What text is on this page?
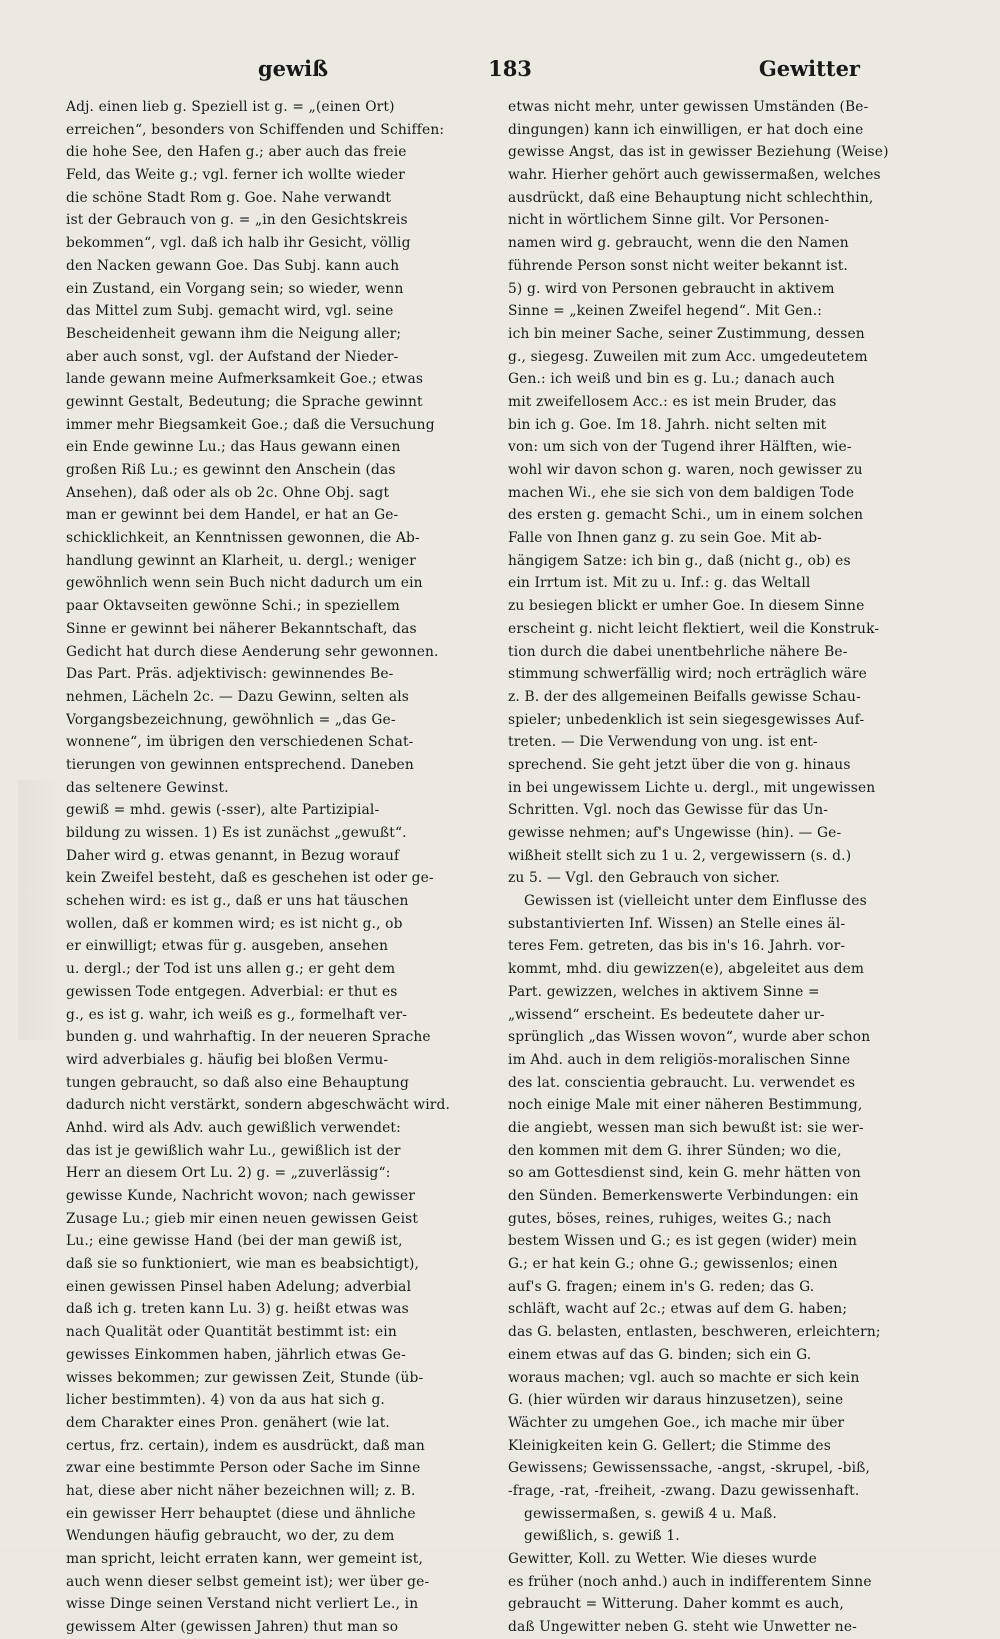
gewiß	183	Gewitter
Adj. einen lieb g. Speziell ist g. = „(einen Ort)
erreichen“, besonders von Schiffenden und Schiffen:
die hohe See, den Hafen g.; aber auch das freie
Feld, das Weite g.; vgl. ferner ich wollte wieder
die schöne Stadt Rom g. Goe. Nahe verwandt
ist der Gebrauch von g. = „in den Gesichtskreis
bekommen“, vgl. daß ich halb ihr Gesicht, völlig
den Nacken gewann Goe. Das Subj. kann auch
ein Zustand, ein Vorgang sein; so wieder, wenn
das Mittel zum Subj. gemacht wird, vgl. seine
Bescheidenheit gewann ihm die Neigung aller;
aber auch sonst, vgl. der Aufstand der Nieder-
lande gewann meine Aufmerksamkeit Goe.; etwas
gewinnt Gestalt, Bedeutung; die Sprache gewinnt
immer mehr Biegsamkeit Goe.; daß die Versuchung
ein Ende gewinne Lu.; das Haus gewann einen
großen Riß Lu.; es gewinnt den Anschein (das
Ansehen), daß oder als ob 2c. Ohne Obj. sagt
man er gewinnt bei dem Handel, er hat an Ge-
schicklichkeit, an Kenntnissen gewonnen, die Ab-
handlung gewinnt an Klarheit, u. dergl.; weniger
gewöhnlich wenn sein Buch nicht dadurch um ein
paar Oktavseiten gewönne Schi.; in speziellem
Sinne er gewinnt bei näherer Bekanntschaft, das
Gedicht hat durch diese Aenderung sehr gewonnen.
Das Part. Präs. adjektivisch: gewinnendes Be-
nehmen, Lächeln 2c. — Dazu Gewinn, selten als
Vorgangsbezeichnung, gewöhnlich = „das Ge-
wonnene“, im übrigen den verschiedenen Schat-
tierungen von gewinnen entsprechend. Daneben
das seltenere Gewinst.
gewiß = mhd. gewis (-sser), alte Partizipial-
bildung zu wissen. 1) Es ist zunächst „gewußt“.
Daher wird g. etwas genannt, in Bezug worauf
kein Zweifel besteht, daß es geschehen ist oder ge-
schehen wird: es ist g., daß er uns hat täuschen
wollen, daß er kommen wird; es ist nicht g., ob
er einwilligt; etwas für g. ausgeben, ansehen
u. dergl.; der Tod ist uns allen g.; er geht dem
gewissen Tode entgegen. Adverbial: er thut es
g., es ist g. wahr, ich weiß es g., formelhaft ver-
bunden g. und wahrhaftig. In der neueren Sprache
wird adverbiales g. häufig bei bloßen Vermu-
tungen gebraucht, so daß also eine Behauptung
dadurch nicht verstärkt, sondern abgeschwächt wird.
Anhd. wird als Adv. auch gewißlich verwendet:
das ist je gewißlich wahr Lu., gewißlich ist der
Herr an diesem Ort Lu. 2) g. = „zuverlässig“:
gewisse Kunde, Nachricht wovon; nach gewisser
Zusage Lu.; gieb mir einen neuen gewissen Geist
Lu.; eine gewisse Hand (bei der man gewiß ist,
daß sie so funktioniert, wie man es beabsichtigt),
einen gewissen Pinsel haben Adelung; adverbial
daß ich g. treten kann Lu. 3) g. heißt etwas was
nach Qualität oder Quantität bestimmt ist: ein
gewisses Einkommen haben, jährlich etwas Ge-
wisses bekommen; zur gewissen Zeit, Stunde (üb-
licher bestimmten). 4) von da aus hat sich g.
dem Charakter eines Pron. genähert (wie lat.
certus, frz. certain), indem es ausdrückt, daß man
zwar eine bestimmte Person oder Sache im Sinne
hat, diese aber nicht näher bezeichnen will; z. B.
ein gewisser Herr behauptet (diese und ähnliche
Wendungen häufig gebraucht, wo der, zu dem
man spricht, leicht erraten kann, wer gemeint ist,
auch wenn dieser selbst gemeint ist); wer über ge-
wisse Dinge seinen Verstand nicht verliert Le., in
gewissem Alter (gewissen Jahren) thut man so
etwas nicht mehr, unter gewissen Umständen (Be-
dingungen) kann ich einwilligen, er hat doch eine
gewisse Angst, das ist in gewisser Beziehung (Weise)
wahr. Hierher gehört auch gewissermaßen, welches
ausdrückt, daß eine Behauptung nicht schlechthin,
nicht in wörtlichem Sinne gilt. Vor Personen-
namen wird g. gebraucht, wenn die den Namen
führende Person sonst nicht weiter bekannt ist.
5) g. wird von Personen gebraucht in aktivem
Sinne = „keinen Zweifel hegend“. Mit Gen.:
ich bin meiner Sache, seiner Zustimmung, dessen
g., siegesg. Zuweilen mit zum Acc. umgedeutetem
Gen.: ich weiß und bin es g. Lu.; danach auch
mit zweifellosem Acc.: es ist mein Bruder, das
bin ich g. Goe. Im 18. Jahrh. nicht selten mit
von: um sich von der Tugend ihrer Hälften, wie-
wohl wir davon schon g. waren, noch gewisser zu
machen Wi., ehe sie sich von dem baldigen Tode
des ersten g. gemacht Schi., um in einem solchen
Falle von Ihnen ganz g. zu sein Goe. Mit ab-
hängigem Satze: ich bin g., daß (nicht g., ob) es
ein Irrtum ist. Mit zu u. Inf.: g. das Weltall
zu besiegen blickt er umher Goe. In diesem Sinne
erscheint g. nicht leicht flektiert, weil die Konstruk-
tion durch die dabei unentbehrliche nähere Be-
stimmung schwerfällig wird; noch erträglich wäre
z. B. der des allgemeinen Beifalls gewisse Schau-
spieler; unbedenklich ist sein siegesgewisses Auf-
treten. — Die Verwendung von ung. ist ent-
sprechend. Sie geht jetzt über die von g. hinaus
in bei ungewissem Lichte u. dergl., mit ungewissen
Schritten. Vgl. noch das Gewisse für das Un-
gewisse nehmen; auf's Ungewisse (hin). — Ge-
wißheit stellt sich zu 1 u. 2, vergewissern (s. d.)
zu 5. — Vgl. den Gebrauch von sicher.
Gewissen ist (vielleicht unter dem Einflusse des
substantivierten Inf. Wissen) an Stelle eines äl-
teres Fem. getreten, das bis in's 16. Jahrh. vor-
kommt, mhd. diu gewizzen(e), abgeleitet aus dem
Part. gewizzen, welches in aktivem Sinne =
„wissend“ erscheint. Es bedeutete daher ur-
sprünglich „das Wissen wovon“, wurde aber schon
im Ahd. auch in dem religiös-moralischen Sinne
des lat. conscientia gebraucht. Lu. verwendet es
noch einige Male mit einer näheren Bestimmung,
die angiebt, wessen man sich bewußt ist: sie wer-
den kommen mit dem G. ihrer Sünden; wo die,
so am Gottesdienst sind, kein G. mehr hätten von
den Sünden. Bemerkenswerte Verbindungen: ein
gutes, böses, reines, ruhiges, weites G.; nach
bestem Wissen und G.; es ist gegen (wider) mein
G.; er hat kein G.; ohne G.; gewissenlos; einen
auf's G. fragen; einem in's G. reden; das G.
schläft, wacht auf 2c.; etwas auf dem G. haben;
das G. belasten, entlasten, beschweren, erleichtern;
einem etwas auf das G. binden; sich ein G.
woraus machen; vgl. auch so machte er sich kein
G. (hier würden wir daraus hinzusetzen), seine
Wächter zu umgehen Goe., ich mache mir über
Kleinigkeiten kein G. Gellert; die Stimme des
Gewissens; Gewissenssache, -angst, -skrupel, -biß,
-frage, -rat, -freiheit, -zwang. Dazu gewissenhaft.
gewissermaßen, s. gewiß 4 u. Maß.
gewißlich, s. gewiß 1.
Gewitter, Koll. zu Wetter. Wie dieses wurde
es früher (noch anhd.) auch in indifferentem Sinne
gebraucht = Witterung. Daher kommt es auch,
daß Ungewitter neben G. steht wie Unwetter ne-
